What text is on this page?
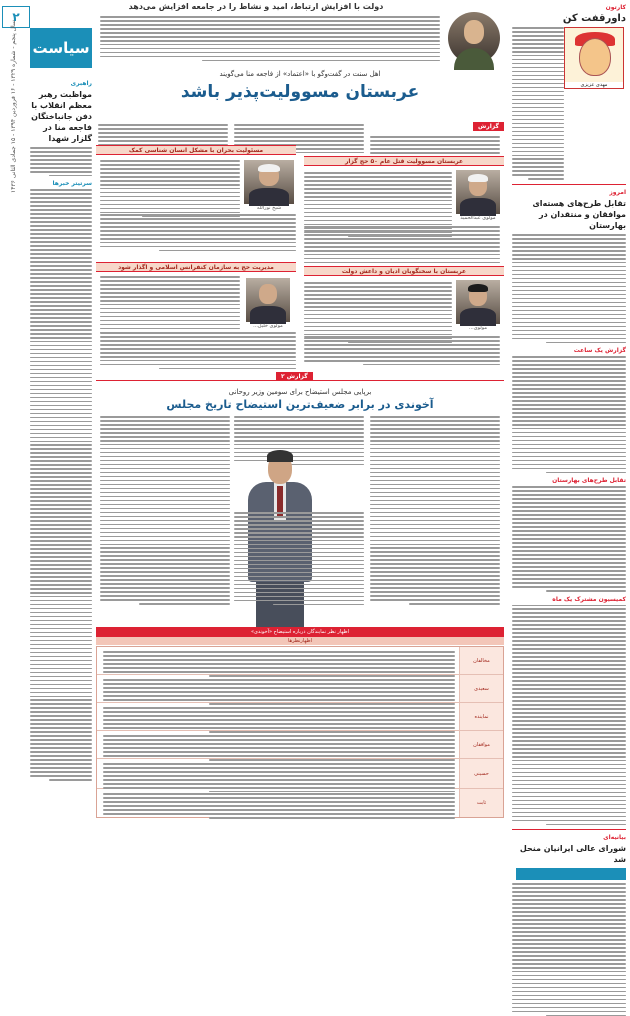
۲
سال پنجم - شماره ۱۳۲۹ - ۱۶ فروردین ۱۳۹۴ - ۱۵ جمادی الثانی ۱۴۳۶ سیاست
راهبری
مواظبت رهبر معظم انقلاب با دفن جانباختگان فاجعه منا در گلزار شهدا
سرتیتر خبرها
دولت با افزایش ارتباط، امید و نشاط را در جامعه افزایش می‌دهد
اهل سنت در گفت‌وگو با «اعتماد» از فاجعه منا می‌گویند
عربستان مسوولیت‌پذیر باشد
گزارش
عربستان مسوولیت قتل عام ۵۰ حج گزار
مسئولیت بحران با مشکل انسان شناسی کمک
مولوی عبدالحمید
شیخ نورالله
عربستان با سخنگویان ادیان و داعش دولت
مدیریت حج به سازمان کنفرانس اسلامی و اگذار شود
مولوی...
مولوی خلیل...
گزارش ۲
برپایی مجلس استیضاح برای سومین وزیر روحانی
آخوندی در برابر ضعیف‌ترین استیضاح تاریخ مجلس
اظهار نظر نمایندگان درباره استیضاح «آخوندی»
اظهارنظرها
مخالفان
سعیدی
نماینده
موافقان
حسینی
ثابت
کارتون
داورقفت کن
مهدی عزیزی
امروز
تقابل طرح‌های هسته‌ای موافقان و منتقدان در بهارستان
گزارش یک ساعت
تقابل طرح‌های بهارستان
کمیسیون مشترک یک ماه
بیانیه‌ای
شورای عالی ایرانیان منحل شد
